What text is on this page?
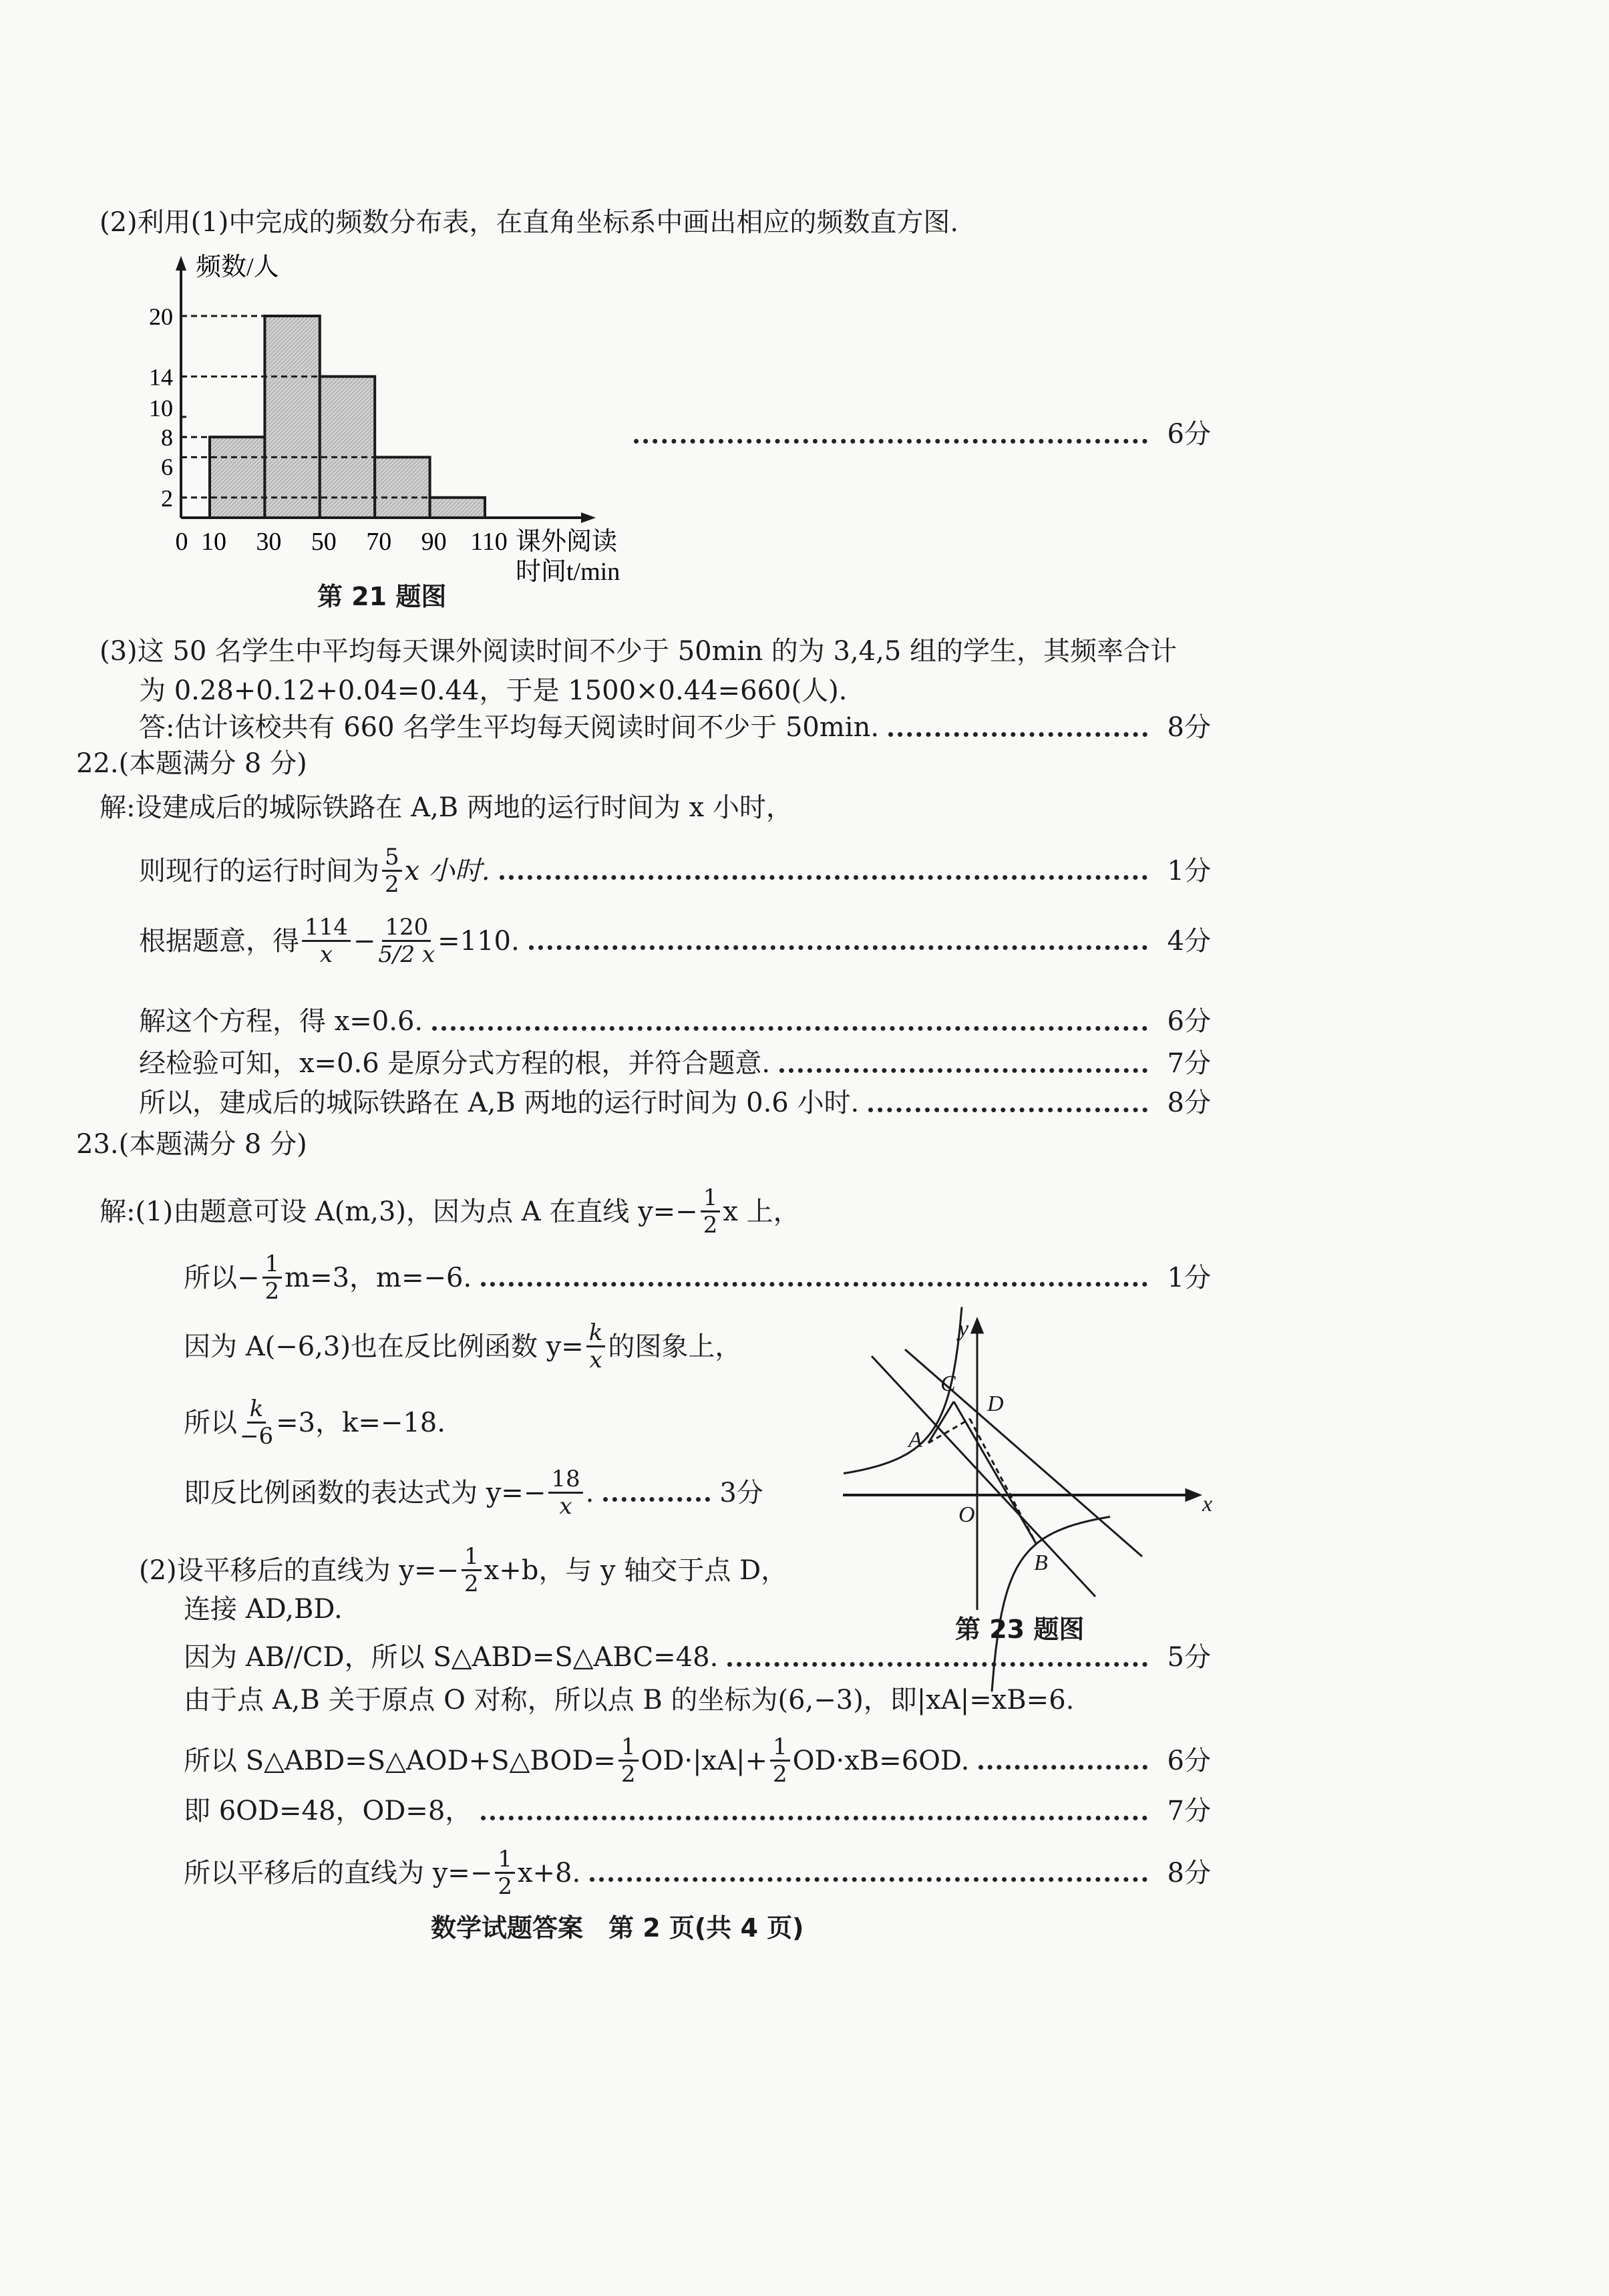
(2)利用(1)中完成的频数分布表，在直角坐标系中画出相应的频数直方图.
2
6
8
10
14
20
0 10 30 50 70 90 110
频数/人
课外阅读
时间t/min
6分
第 21 题图
(3)这 50 名学生中平均每天课外阅读时间不少于 50min 的为 3,4,5 组的学生，其频率合计
为 0.28+0.12+0.04=0.44，于是 1500×0.44=660(人).
答:估计该校共有 660 名学生平均每天阅读时间不少于 50min.	8分
22.(本题满分 8 分)
解:设建成后的城际铁路在 A,B 两地的运行时间为 x 小时，
则现行的运行时间为 $\frac{5}{2}$ x 小时.	1分
根据题意，得 $\frac{114}{x} - \frac{120}{5/2 x} =110$.	4分
解这个方程，得 x=0.6.	6分
经检验可知，x=0.6 是原分式方程的根，并符合题意.	7分
所以，建成后的城际铁路在 A,B 两地的运行时间为 0.6 小时.	8分
23.(本题满分 8 分)
解:(1)由题意可设 A(m,3)，因为点 A 在直线 $y=- \frac{1}{2}$ x 上，
所以− $\frac{1}{2} m=3$，m=−6.	1分
因为 A(−6,3)也在反比例函数 $y= \frac{k}{x}$ 的图象上，
所以 $\frac{k}{-6} =3$，k=−18.
即反比例函数的表达式为 $y=- \frac{18}{x}$ .	3分
(2)设平移后的直线为 $y=- \frac{1}{2} x+b$，与 y 轴交于点 D，
连接 AD,BD.
因为 AB//CD，所以 S△ABD=S△ABC=48.	5分
由于点 A,B 关于原点 O 对称，所以点 B 的坐标为(6,−3)，即|xA|=xB=6.
所以 S△ABD=S△AOD+S△BOD= $\frac{1}{2} OD\cdot|xA|+ \frac{1}{2} OD\cdot xB=6OD$.	6分
即 6OD=48，OD=8，	7分
所以平移后的直线为 $y=- \frac{1}{2} x+8$.	8分
x
y
O
A
B
C
D
第 23 题图
数学试题答案　第 2 页(共 4 页)
